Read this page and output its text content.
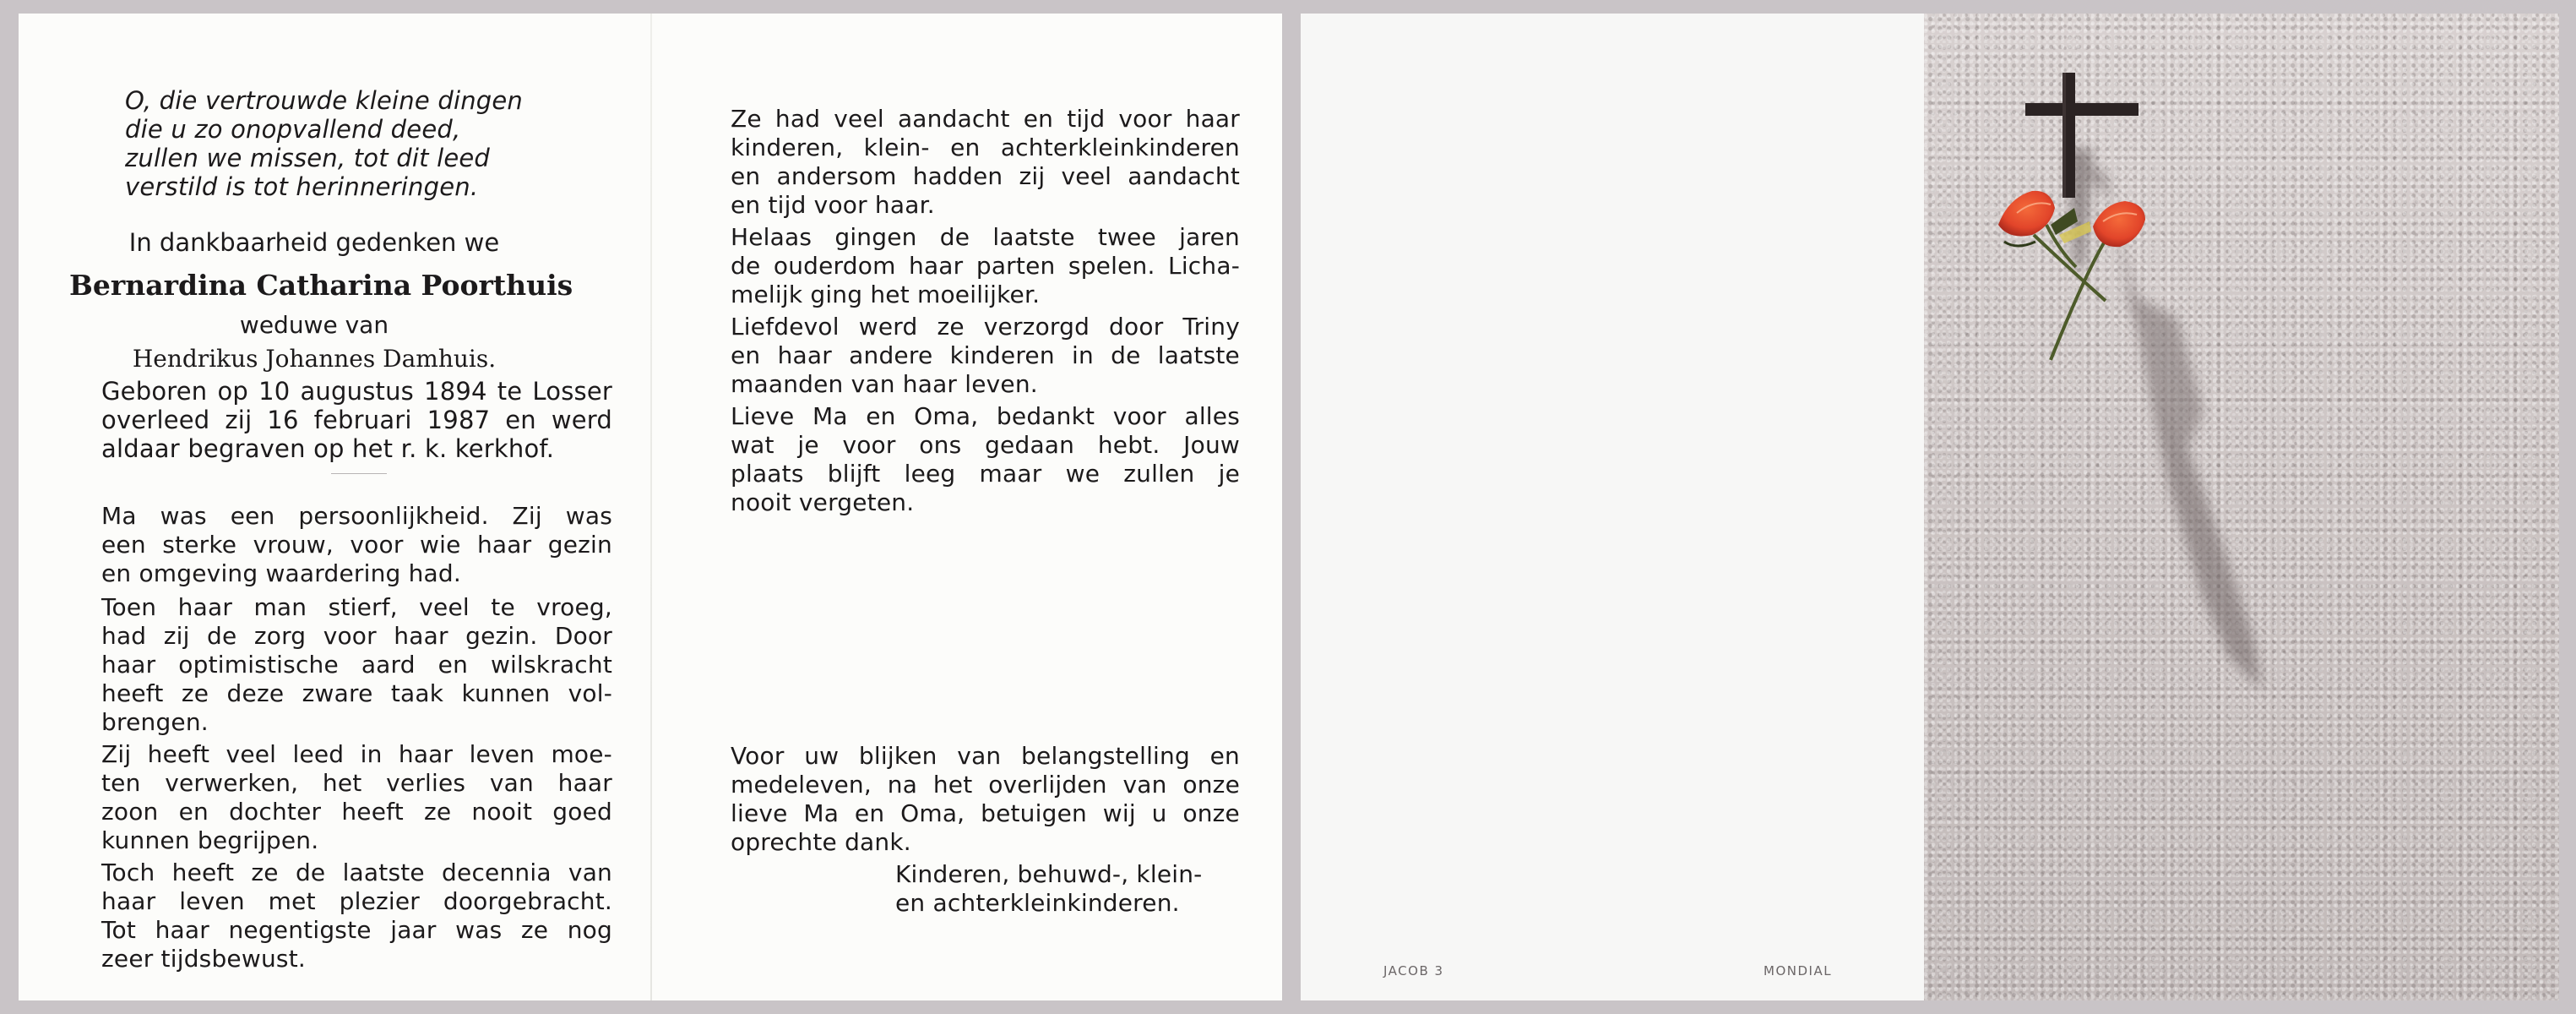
O, die vertrouwde kleine dingen
die u zo onopvallend deed,
zullen we missen, tot dit leed
verstild is tot herinneringen.
In dankbaarheid gedenken we
Bernardina Catharina Poorthuis
weduwe van
Hendrikus Johannes Damhuis.
Geboren op 10 augustus 1894 te Losser
overleed zij 16 februari 1987 en werd
aldaar begraven op het r. k. kerkhof.
Ma was een persoonlijkheid. Zij was
een sterke vrouw, voor wie haar gezin
en omgeving waardering had.
Toen haar man stierf, veel te vroeg,
had zij de zorg voor haar gezin. Door
haar optimistische aard en wilskracht
heeft ze deze zware taak kunnen vol-
brengen.
Zij heeft veel leed in haar leven moe-
ten verwerken, het verlies van haar
zoon en dochter heeft ze nooit goed
kunnen begrijpen.
Toch heeft ze de laatste decennia van
haar leven met plezier doorgebracht.
Tot haar negentigste jaar was ze nog
zeer tijdsbewust.
Ze had veel aandacht en tijd voor haar
kinderen, klein- en achterkleinkinderen
en andersom hadden zij veel aandacht
en tijd voor haar.
Helaas gingen de laatste twee jaren
de ouderdom haar parten spelen. Licha-
melijk ging het moeilijker.
Liefdevol werd ze verzorgd door Triny
en haar andere kinderen in de laatste
maanden van haar leven.
Lieve Ma en Oma, bedankt voor alles
wat je voor ons gedaan hebt. Jouw
plaats blijft leeg maar we zullen je
nooit vergeten.
Voor uw blijken van belangstelling en
medeleven, na het overlijden van onze
lieve Ma en Oma, betuigen wij u onze
oprechte dank.
Kinderen, behuwd-, klein-
en achterkleinkinderen.
JACOB 3	MONDIAL
